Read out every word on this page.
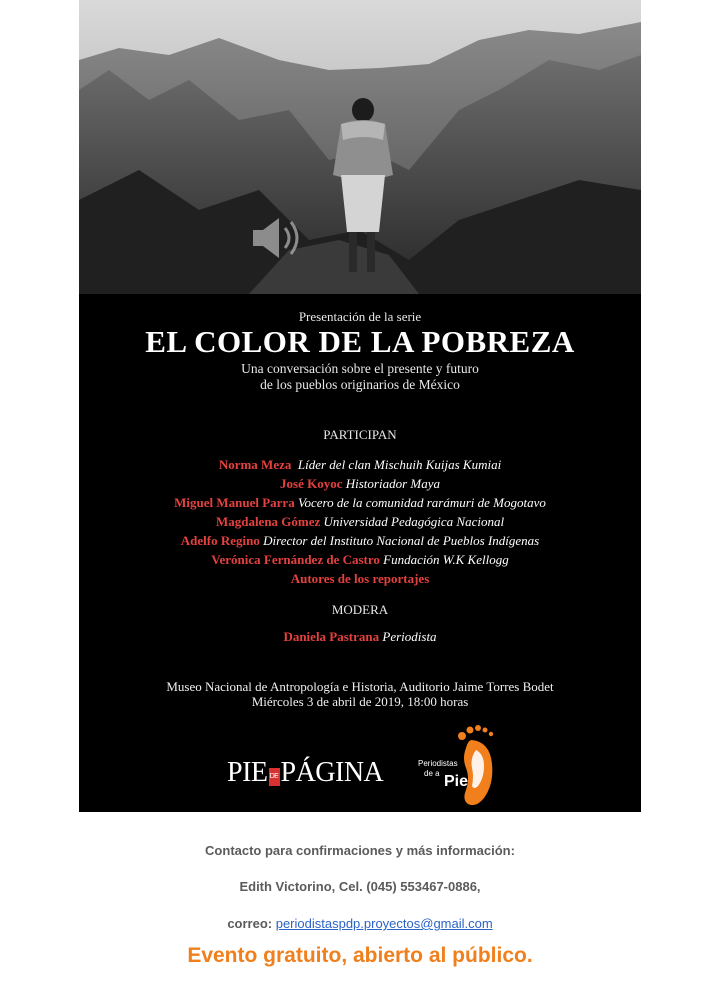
Presentación de la serie
EL COLOR DE LA POBREZA
Una conversación sobre el presente y futuro
de los pueblos originarios de México
PARTICIPAN
Norma Meza Líder del clan Mischuih Kuijas Kumiai
José Koyoc Historiador Maya
Miguel Manuel Parra Vocero de la comunidad rarámuri de Mogotavo
Magdalena Gómez Universidad Pedagógica Nacional
Adelfo Regino Director del Instituto Nacional de Pueblos Indígenas
Verónica Fernández de Castro Fundación W.K Kellogg
Autores de los reportajes
MODERA
Daniela Pastrana Periodista
Museo Nacional de Antropología e Historia, Auditorio Jaime Torres Bodet
Miércoles 3 de abril de 2019, 18:00 horas
PIE DEPÁGINA	Periodistas
de a Pie
Contacto para confirmaciones y más información:
Edith Victorino, Cel. (045) 553467-0886,
correo: periodistaspdp.proyectos@gmail.com
Evento gratuito, abierto al público.
